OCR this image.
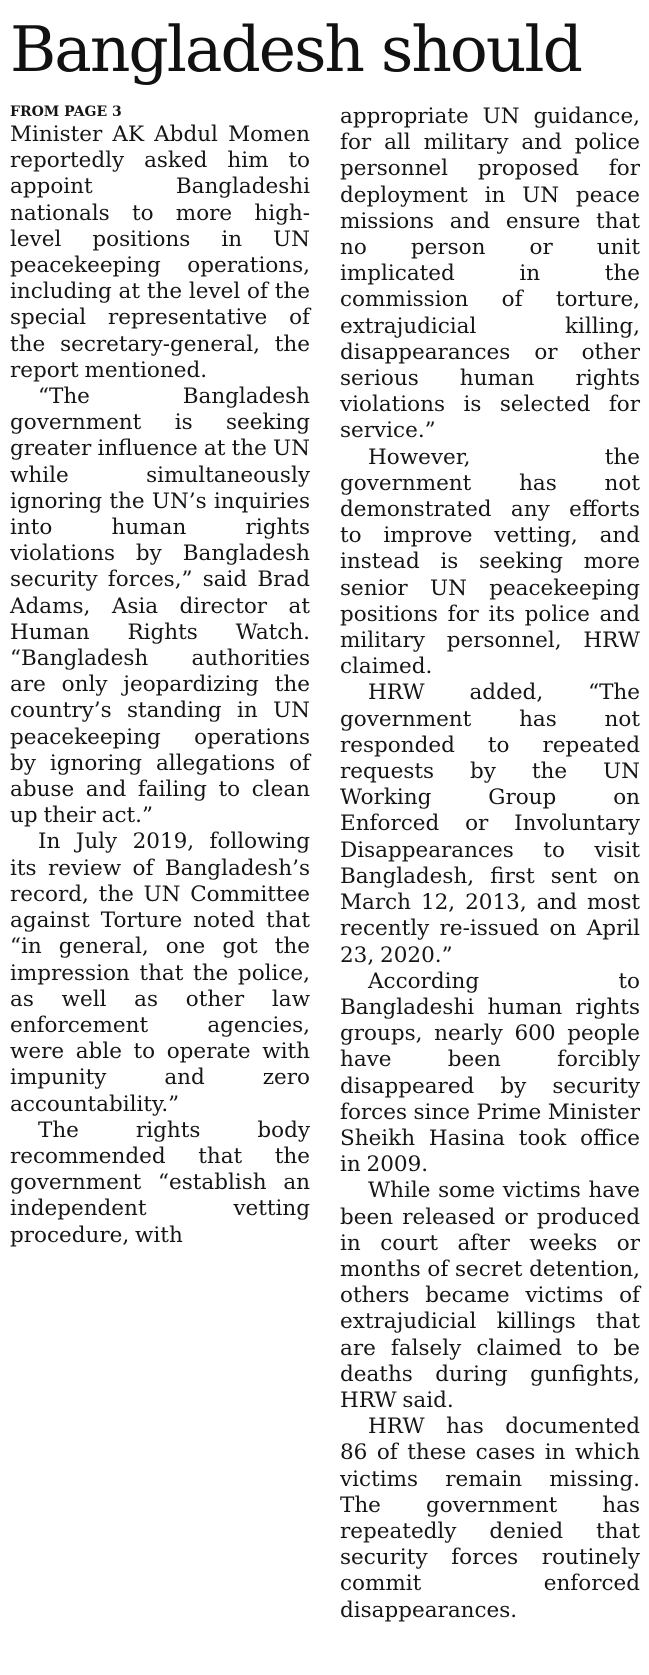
Bangladesh should
FROM PAGE 3

Minister AK Abdul Momen reportedly asked him to appoint Bangladeshi nationals to more high-level positions in UN peacekeeping operations, including at the level of the special representative of the secretary-general, the report mentioned.

“The Bangladesh government is seeking greater influence at the UN while simultaneously ignoring the UN’s inquiries into human rights violations by Bangladesh security forces,” said Brad Adams, Asia director at Human Rights Watch. “Bangladesh authorities are only jeopardizing the country’s standing in UN peacekeeping operations by ignoring allegations of abuse and failing to clean up their act.”

In July 2019, following its review of Bangladesh’s record, the UN Committee against Torture noted that “in general, one got the impression that the police, as well as other law enforcement agencies, were able to operate with impunity and zero accountability.”

The rights body recommended that the government “establish an independent vetting procedure, with

appropriate UN guidance, for all military and police personnel proposed for deployment in UN peace missions and ensure that no person or unit implicated in the commission of torture, extrajudicial killing, disappearances or other serious human rights violations is selected for service.”

However, the government has not demonstrated any efforts to improve vetting, and instead is seeking more senior UN peacekeeping positions for its police and military personnel, HRW claimed.

HRW added, “The government has not responded to repeated requests by the UN Working Group on Enforced or Involuntary Disappearances to visit Bangladesh, first sent on March 12, 2013, and most recently re-issued on April 23, 2020.”

According to Bangladeshi human rights groups, nearly 600 people have been forcibly disappeared by security forces since Prime Minister Sheikh Hasina took office in 2009.

While some victims have been released or produced in court after weeks or months of secret detention, others became victims of extrajudicial killings that are falsely claimed to be deaths during gunfights, HRW said.

HRW has documented 86 of these cases in which victims remain missing. The government has repeatedly denied that security forces routinely commit enforced disappearances.
